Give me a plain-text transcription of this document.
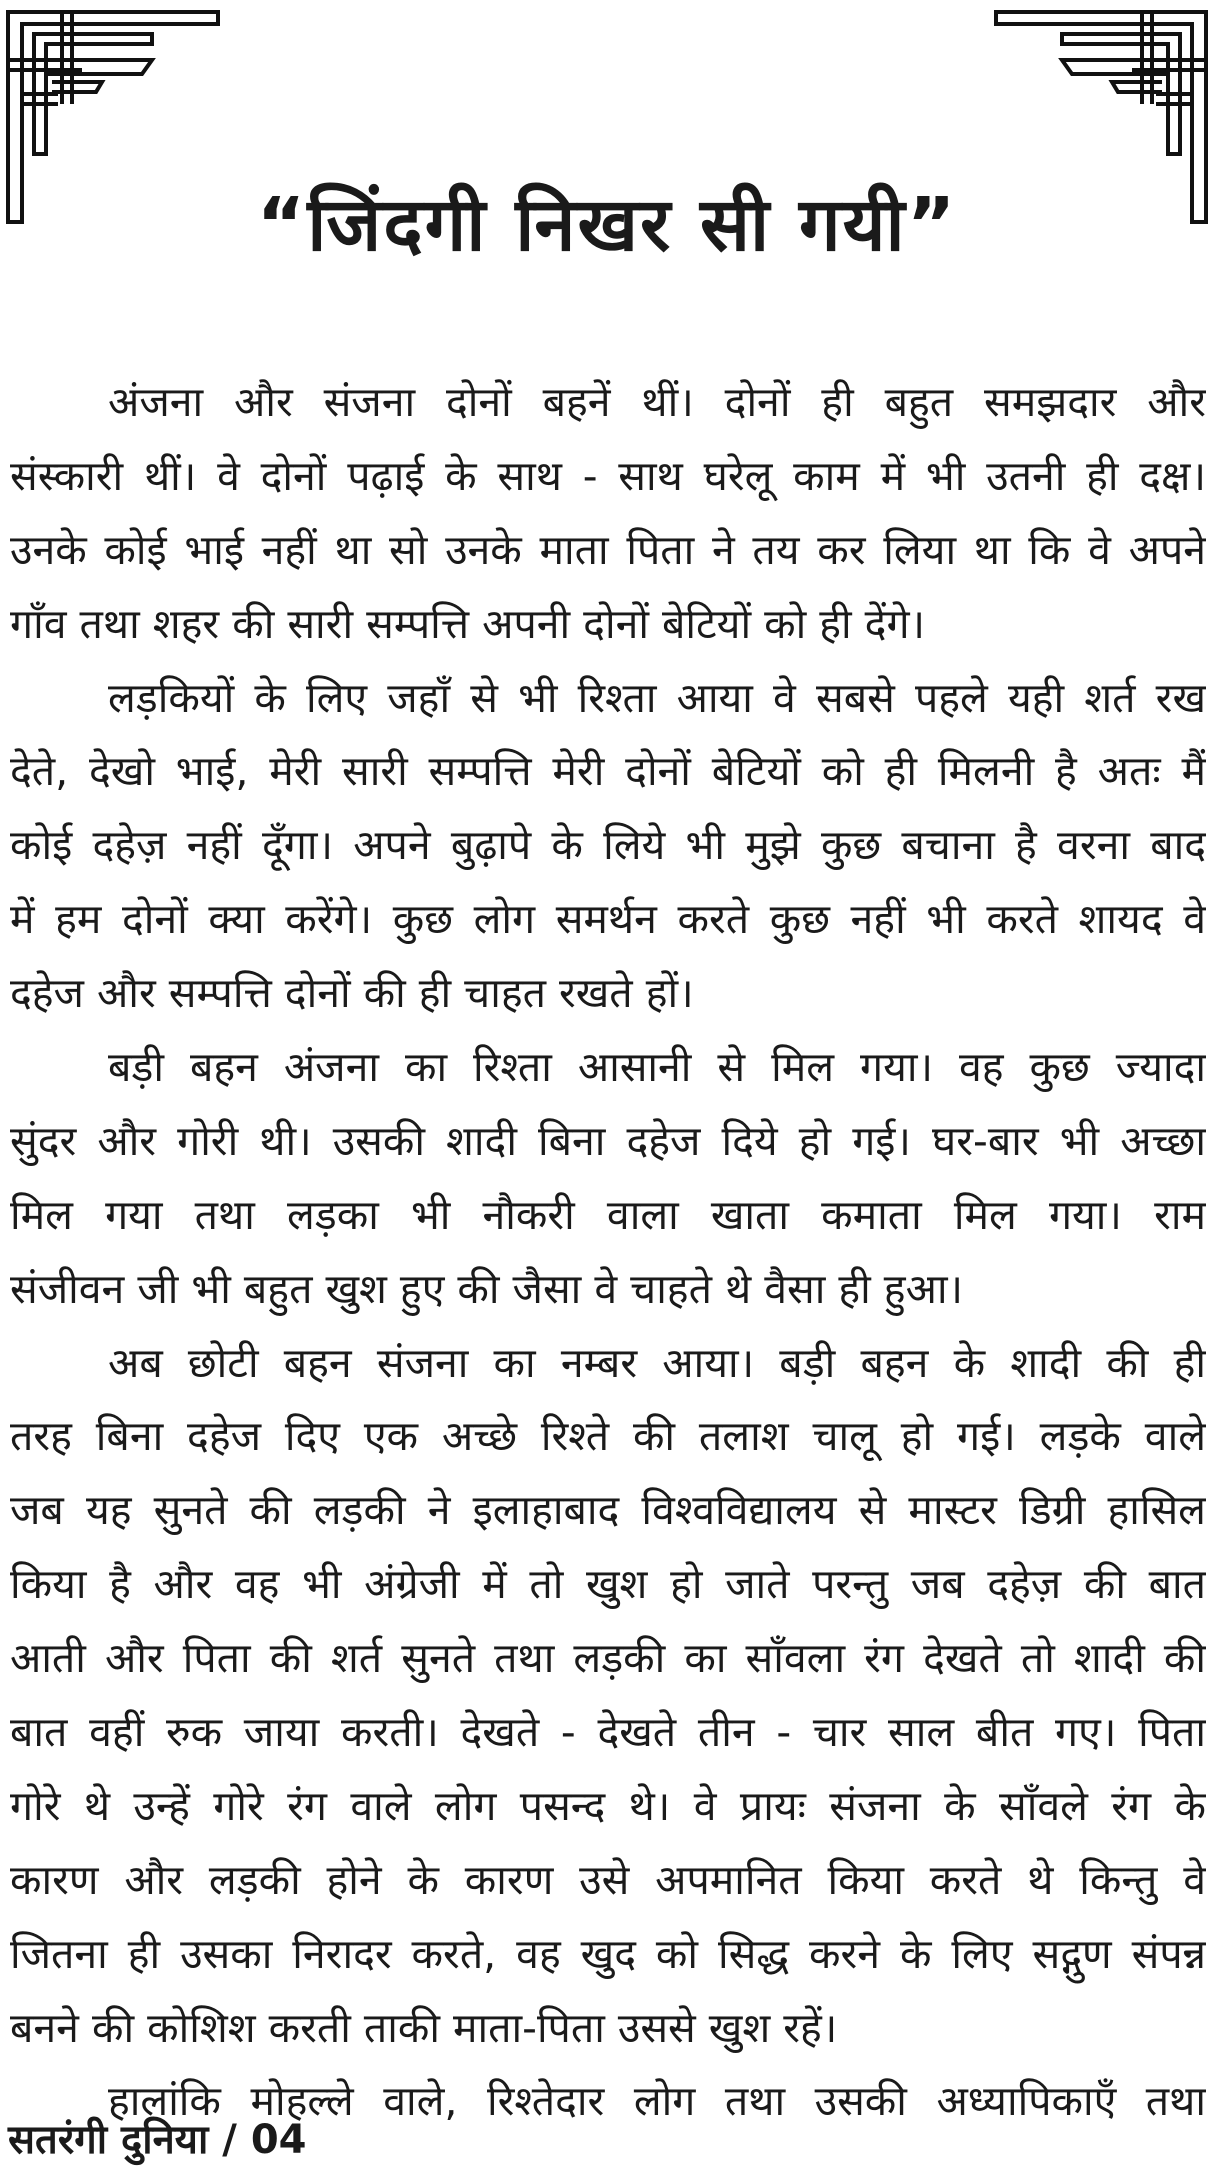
“जिंदगी निखर सी गयी”
अंजना और संजना दोनों बहनें थीं। दोनों ही बहुत समझदार और
संस्कारी थीं। वे दोनों पढ़ाई के साथ - साथ घरेलू काम में भी उतनी ही दक्ष।
उनके कोई भाई नहीं था सो उनके माता पिता ने तय कर लिया था कि वे अपने
गाँव तथा शहर की सारी सम्पत्ति अपनी दोनों बेटियों को ही देंगे।
लड़कियों के लिए जहाँ से भी रिश्ता आया वे सबसे पहले यही शर्त रख
देते, देखो भाई, मेरी सारी सम्पत्ति मेरी दोनों बेटियों को ही मिलनी है अतः मैं
कोई दहेज़ नहीं दूँगा। अपने बुढ़ापे के लिये भी मुझे कुछ बचाना है वरना बाद
में हम दोनों क्या करेंगे। कुछ लोग समर्थन करते कुछ नहीं भी करते शायद वे
दहेज और सम्पत्ति दोनों की ही चाहत रखते हों।
बड़ी बहन अंजना का रिश्ता आसानी से मिल गया। वह कुछ ज्यादा
सुंदर और गोरी थी। उसकी शादी बिना दहेज दिये हो गई। घर-बार भी अच्छा
मिल गया तथा लड़का भी नौकरी वाला खाता कमाता मिल गया। राम
संजीवन जी भी बहुत खुश हुए की जैसा वे चाहते थे वैसा ही हुआ।
अब छोटी बहन संजना का नम्बर आया। बड़ी बहन के शादी की ही
तरह बिना दहेज दिए एक अच्छे रिश्ते की तलाश चालू हो गई। लड़के वाले
जब यह सुनते की लड़की ने इलाहाबाद विश्वविद्यालय से मास्टर डिग्री हासिल
किया है और वह भी अंग्रेजी में तो खुश हो जाते परन्तु जब दहेज़ की बात
आती और पिता की शर्त सुनते तथा लड़की का साँवला रंग देखते तो शादी की
बात वहीं रुक जाया करती। देखते - देखते तीन - चार साल बीत गए। पिता
गोरे थे उन्हें गोरे रंग वाले लोग पसन्द थे। वे प्रायः संजना के साँवले रंग के
कारण और लड़की होने के कारण उसे अपमानित किया करते थे किन्तु वे
जितना ही उसका निरादर करते, वह खुद को सिद्ध करने के लिए सद्गुण संपन्न
बनने की कोशिश करती ताकी माता-पिता उससे खुश रहें।
हालांकि मोहल्ले वाले, रिश्तेदार लोग तथा उसकी अध्यापिकाएँ तथा
सतरंगी दुनिया / 04
